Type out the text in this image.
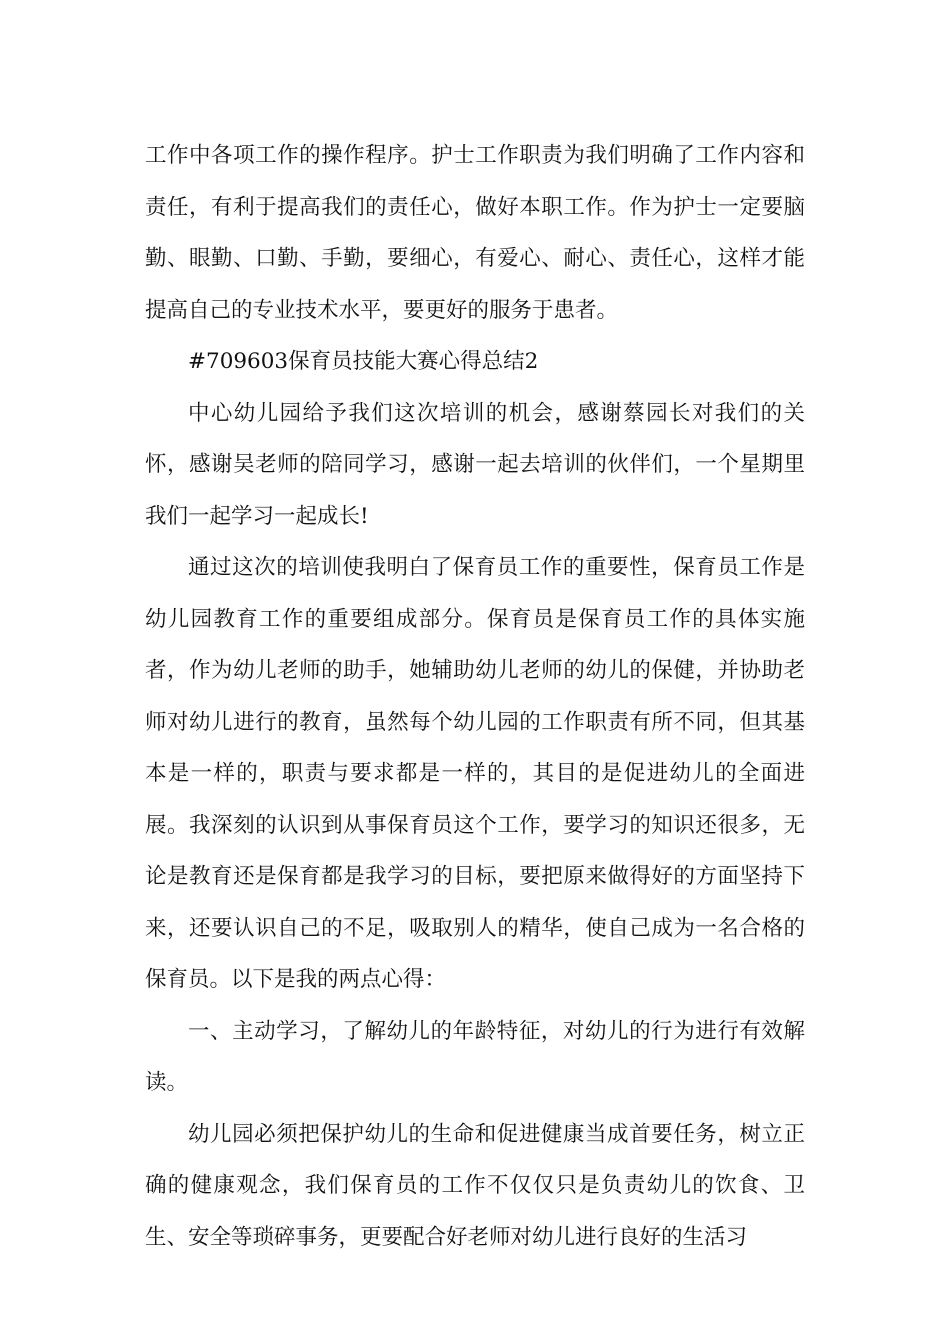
工作中各项工作的操作程序。护士工作职责为我们明确了工作内容和责任，有利于提高我们的责任心，做好本职工作。作为护士一定要脑勤、眼勤、口勤、手勤，要细心，有爱心、耐心、责任心，这样才能提高自己的专业技术水平，要更好的服务于患者。

#709603保育员技能大赛心得总结2

中心幼儿园给予我们这次培训的机会，感谢蔡园长对我们的关怀，感谢吴老师的陪同学习，感谢一起去培训的伙伴们，一个星期里我们一起学习一起成长!

通过这次的培训使我明白了保育员工作的重要性，保育员工作是幼儿园教育工作的重要组成部分。保育员是保育员工作的具体实施者，作为幼儿老师的助手，她辅助幼儿老师的幼儿的保健，并协助老师对幼儿进行的教育，虽然每个幼儿园的工作职责有所不同，但其基本是一样的，职责与要求都是一样的，其目的是促进幼儿的全面进展。我深刻的认识到从事保育员这个工作，要学习的知识还很多，无论是教育还是保育都是我学习的目标，要把原来做得好的方面坚持下来，还要认识自己的不足，吸取别人的精华，使自己成为一名合格的保育员。以下是我的两点心得：

一、主动学习，了解幼儿的年龄特征，对幼儿的行为进行有效解读。

幼儿园必须把保护幼儿的生命和促进健康当成首要任务，树立正确的健康观念，我们保育员的工作不仅仅只是负责幼儿的饮食、卫生、安全等琐碎事务，更要配合好老师对幼儿进行良好的生活习
